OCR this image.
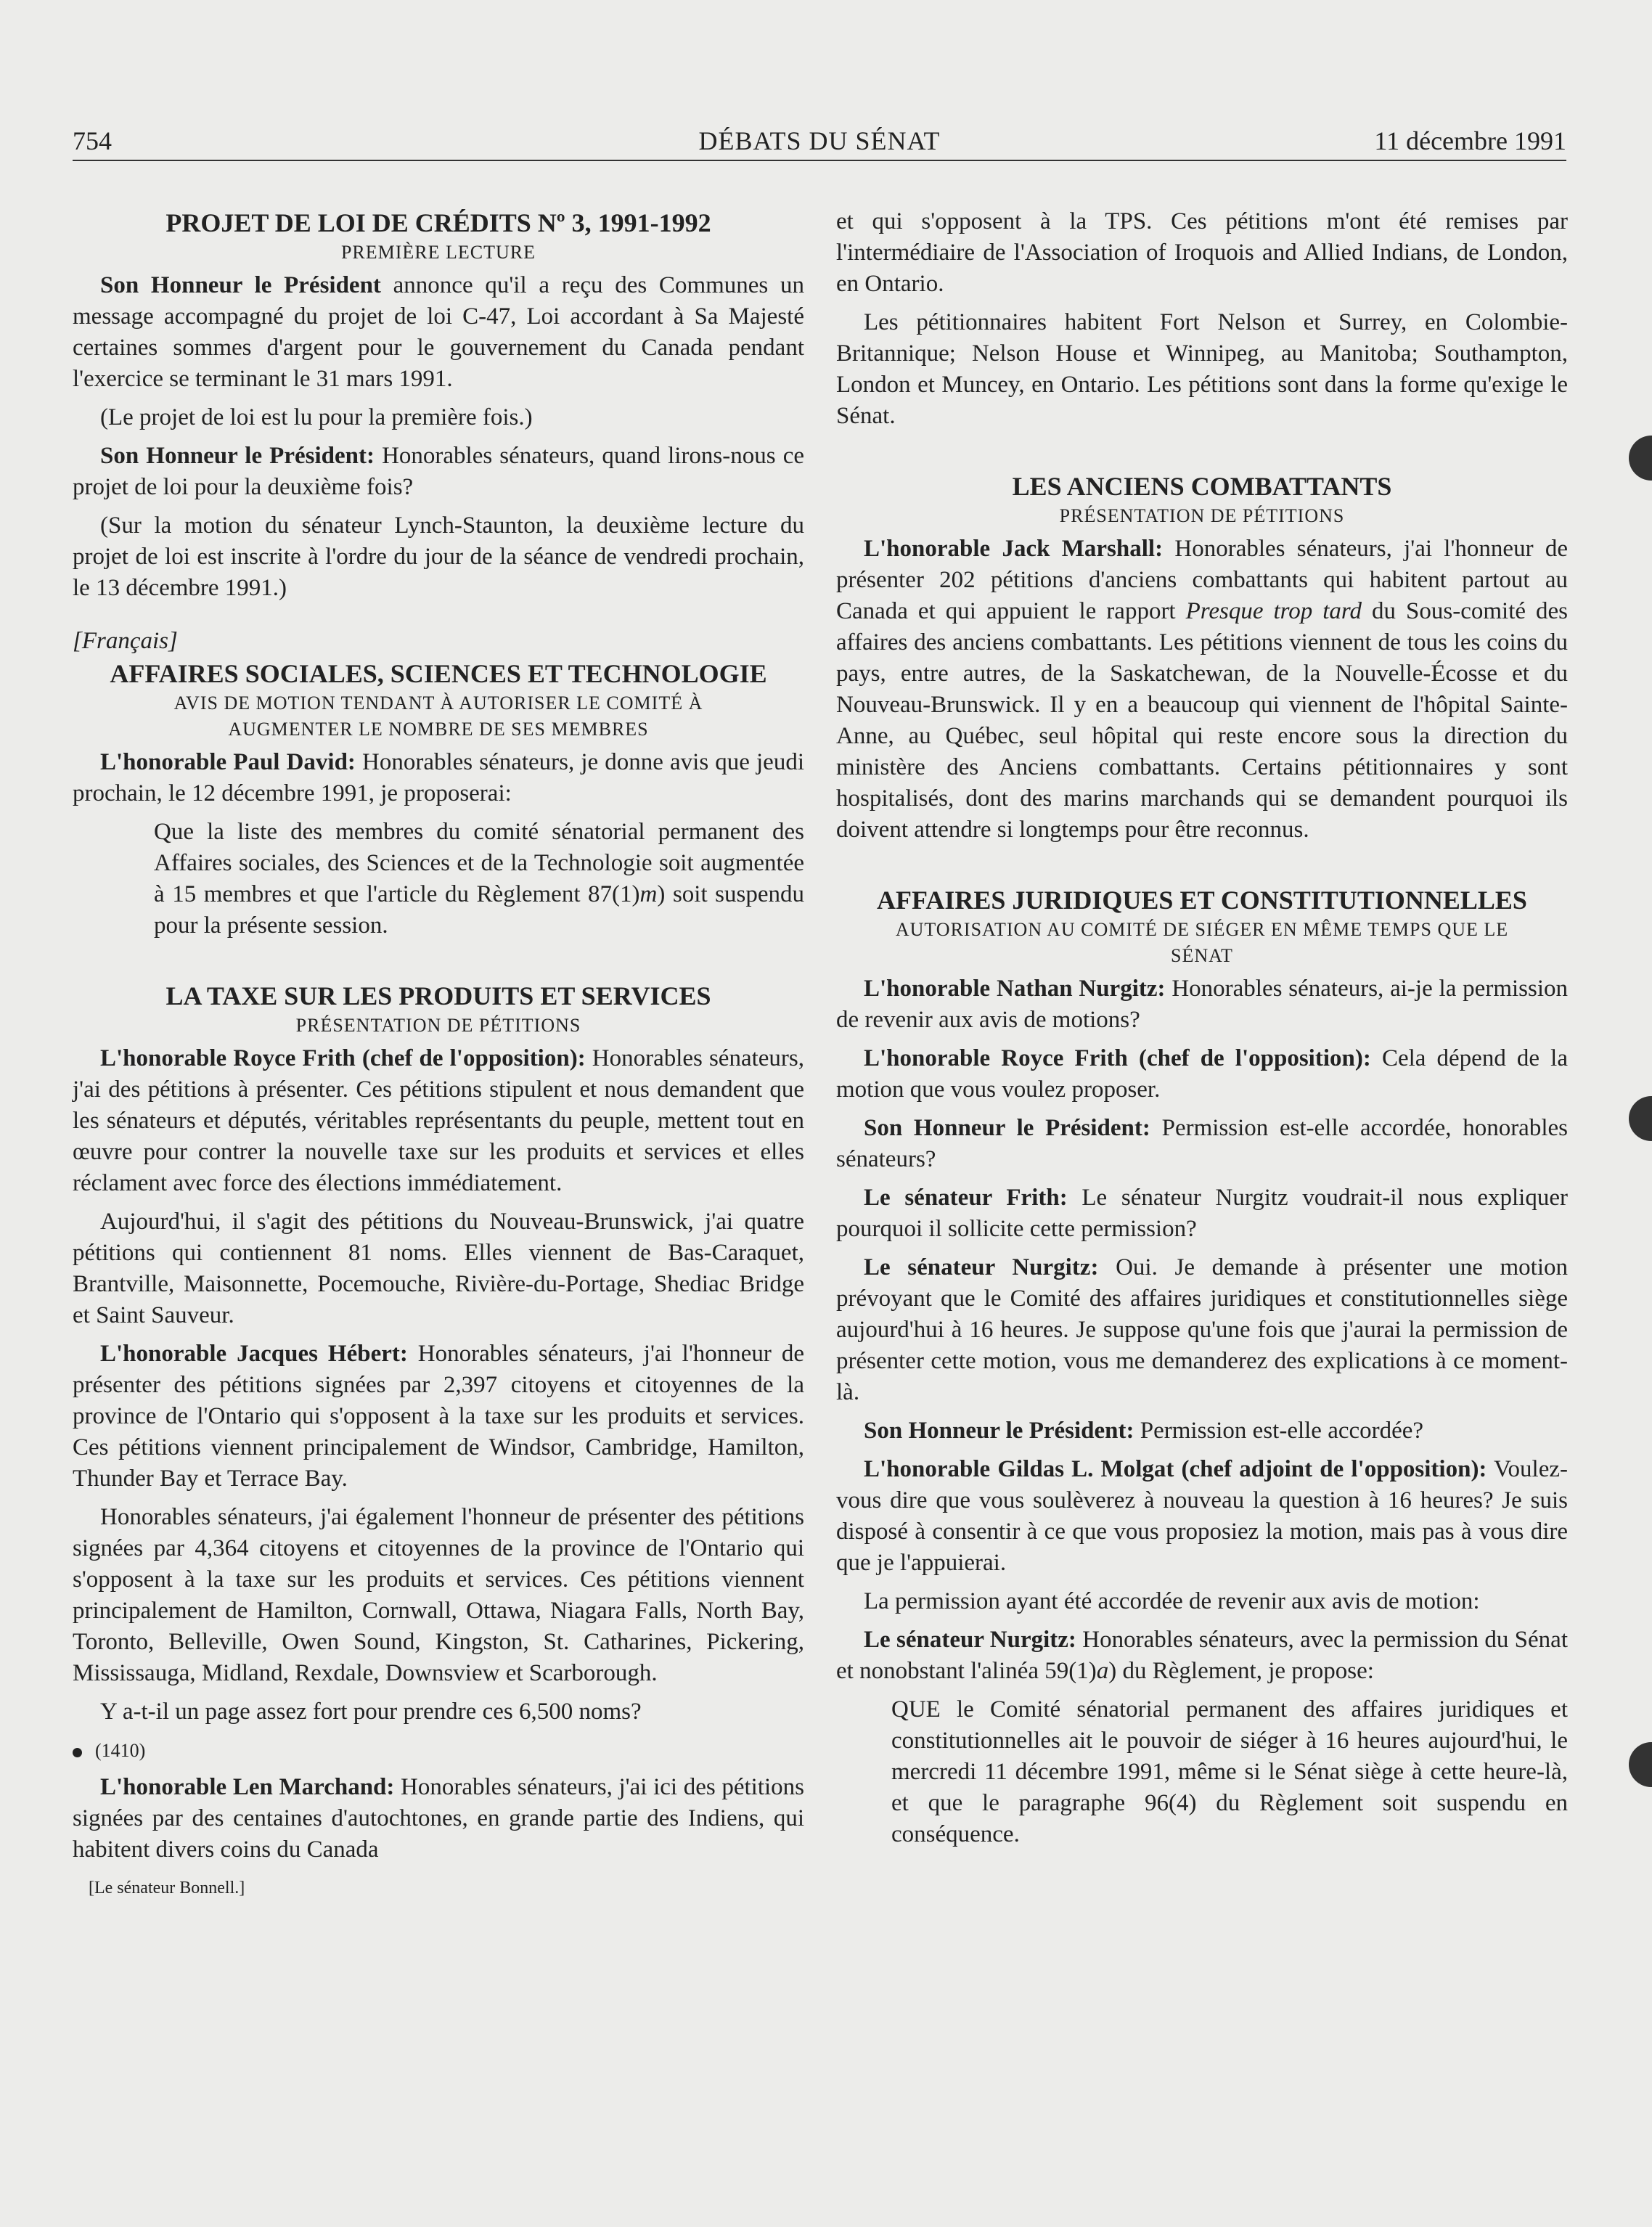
754	DÉBATS DU SÉNAT	11 décembre 1991
PROJET DE LOI DE CRÉDITS Nº 3, 1991-1992
PREMIÈRE LECTURE

Son Honneur le Président annonce qu'il a reçu des Communes un message accompagné du projet de loi C-47, Loi accordant à Sa Majesté certaines sommes d'argent pour le gouvernement du Canada pendant l'exercice se terminant le 31 mars 1991.

(Le projet de loi est lu pour la première fois.)

Son Honneur le Président: Honorables sénateurs, quand lirons-nous ce projet de loi pour la deuxième fois?

(Sur la motion du sénateur Lynch-Staunton, la deuxième lecture du projet de loi est inscrite à l'ordre du jour de la séance de vendredi prochain, le 13 décembre 1991.)

[Français]

AFFAIRES SOCIALES, SCIENCES ET TECHNOLOGIE
AVIS DE MOTION TENDANT À AUTORISER LE COMITÉ À
AUGMENTER LE NOMBRE DE SES MEMBRES

L'honorable Paul David: Honorables sénateurs, je donne avis que jeudi prochain, le 12 décembre 1991, je proposerai:

Que la liste des membres du comité sénatorial permanent des Affaires sociales, des Sciences et de la Technologie soit augmentée à 15 membres et que l'article du Règlement 87(1)m) soit suspendu pour la présente session.

LA TAXE SUR LES PRODUITS ET SERVICES
PRÉSENTATION DE PÉTITIONS

L'honorable Royce Frith (chef de l'opposition): Honorables sénateurs, j'ai des pétitions à présenter. Ces pétitions stipulent et nous demandent que les sénateurs et députés, véritables représentants du peuple, mettent tout en œuvre pour contrer la nouvelle taxe sur les produits et services et elles réclament avec force des élections immédiatement.

Aujourd'hui, il s'agit des pétitions du Nouveau-Brunswick, j'ai quatre pétitions qui contiennent 81 noms. Elles viennent de Bas-Caraquet, Brantville, Maisonnette, Pocemouche, Rivière-du-Portage, Shediac Bridge et Saint Sauveur.

L'honorable Jacques Hébert: Honorables sénateurs, j'ai l'honneur de présenter des pétitions signées par 2,397 citoyens et citoyennes de la province de l'Ontario qui s'opposent à la taxe sur les produits et services. Ces pétitions viennent principalement de Windsor, Cambridge, Hamilton, Thunder Bay et Terrace Bay.

Honorables sénateurs, j'ai également l'honneur de présenter des pétitions signées par 4,364 citoyens et citoyennes de la province de l'Ontario qui s'opposent à la taxe sur les produits et services. Ces pétitions viennent principalement de Hamilton, Cornwall, Ottawa, Niagara Falls, North Bay, Toronto, Belleville, Owen Sound, Kingston, St. Catharines, Pickering, Mississauga, Midland, Rexdale, Downsview et Scarborough.

Y a-t-il un page assez fort pour prendre ces 6,500 noms?

(1410)

L'honorable Len Marchand: Honorables sénateurs, j'ai ici des pétitions signées par des centaines d'autochtones, en grande partie des Indiens, qui habitent divers coins du Canada

[Le sénateur Bonnell.]

et qui s'opposent à la TPS. Ces pétitions m'ont été remises par l'intermédiaire de l'Association of Iroquois and Allied Indians, de London, en Ontario.

Les pétitionnaires habitent Fort Nelson et Surrey, en Colombie-Britannique; Nelson House et Winnipeg, au Manitoba; Southampton, London et Muncey, en Ontario. Les pétitions sont dans la forme qu'exige le Sénat.

LES ANCIENS COMBATTANTS
PRÉSENTATION DE PÉTITIONS

L'honorable Jack Marshall: Honorables sénateurs, j'ai l'honneur de présenter 202 pétitions d'anciens combattants qui habitent partout au Canada et qui appuient le rapport Presque trop tard du Sous-comité des affaires des anciens combattants. Les pétitions viennent de tous les coins du pays, entre autres, de la Saskatchewan, de la Nouvelle-Écosse et du Nouveau-Brunswick. Il y en a beaucoup qui viennent de l'hôpital Sainte-Anne, au Québec, seul hôpital qui reste encore sous la direction du ministère des Anciens combattants. Certains pétitionnaires y sont hospitalisés, dont des marins marchands qui se demandent pourquoi ils doivent attendre si longtemps pour être reconnus.

AFFAIRES JURIDIQUES ET CONSTITUTIONNELLES
AUTORISATION AU COMITÉ DE SIÉGER EN MÊME TEMPS QUE LE
SÉNAT

L'honorable Nathan Nurgitz: Honorables sénateurs, ai-je la permission de revenir aux avis de motions?

L'honorable Royce Frith (chef de l'opposition): Cela dépend de la motion que vous voulez proposer.

Son Honneur le Président: Permission est-elle accordée, honorables sénateurs?

Le sénateur Frith: Le sénateur Nurgitz voudrait-il nous expliquer pourquoi il sollicite cette permission?

Le sénateur Nurgitz: Oui. Je demande à présenter une motion prévoyant que le Comité des affaires juridiques et constitutionnelles siège aujourd'hui à 16 heures. Je suppose qu'une fois que j'aurai la permission de présenter cette motion, vous me demanderez des explications à ce moment-là.

Son Honneur le Président: Permission est-elle accordée?

L'honorable Gildas L. Molgat (chef adjoint de l'opposition): Voulez-vous dire que vous soulèverez à nouveau la question à 16 heures? Je suis disposé à consentir à ce que vous proposiez la motion, mais pas à vous dire que je l'appuierai.

La permission ayant été accordée de revenir aux avis de motion:

Le sénateur Nurgitz: Honorables sénateurs, avec la permission du Sénat et nonobstant l'alinéa 59(1)a) du Règlement, je propose:

QUE le Comité sénatorial permanent des affaires juridiques et constitutionnelles ait le pouvoir de siéger à 16 heures aujourd'hui, le mercredi 11 décembre 1991, même si le Sénat siège à cette heure-là, et que le paragraphe 96(4) du Règlement soit suspendu en conséquence.
